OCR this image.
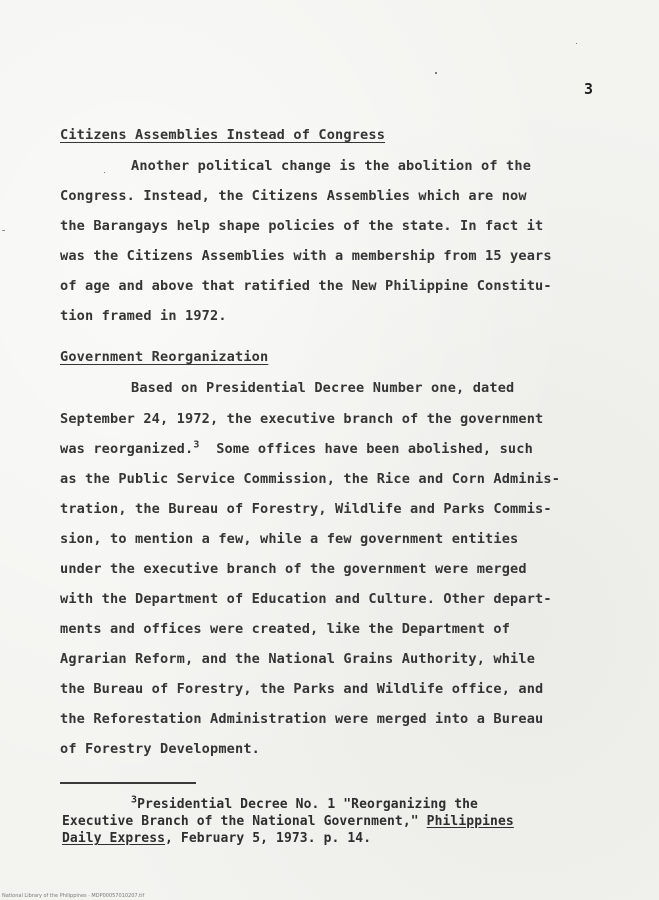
3
Citizens Assemblies Instead of Congress
Another political change is the abolition of the
Congress. Instead, the Citizens Assemblies which are now
the Barangays help shape policies of the state. In fact it
was the Citizens Assemblies with a membership from 15 years
of age and above that ratified the New Philippine Constitu-
tion framed in 1972.
Government Reorganization
Based on Presidential Decree Number one, dated
September 24, 1972, the executive branch of the government
was reorganized.$^3$ Some offices have been abolished, such
as the Public Service Commission, the Rice and Corn Adminis-
tration, the Bureau of Forestry, Wildlife and Parks Commis-
sion, to mention a few, while a few government entities
under the executive branch of the government were merged
with the Department of Education and Culture. Other depart-
ments and offices were created, like the Department of
Agrarian Reform, and the National Grains Authority, while
the Bureau of Forestry, the Parks and Wildlife office, and
the Reforestation Administration were merged into a Bureau
of Forestry Development.
$^3$Presidential Decree No. 1 "Reorganizing the
Executive Branch of the National Government," Philippines
Daily Express, February 5, 1973. p. 14.
National Library of the Philippines · MDP00057010207.tif
